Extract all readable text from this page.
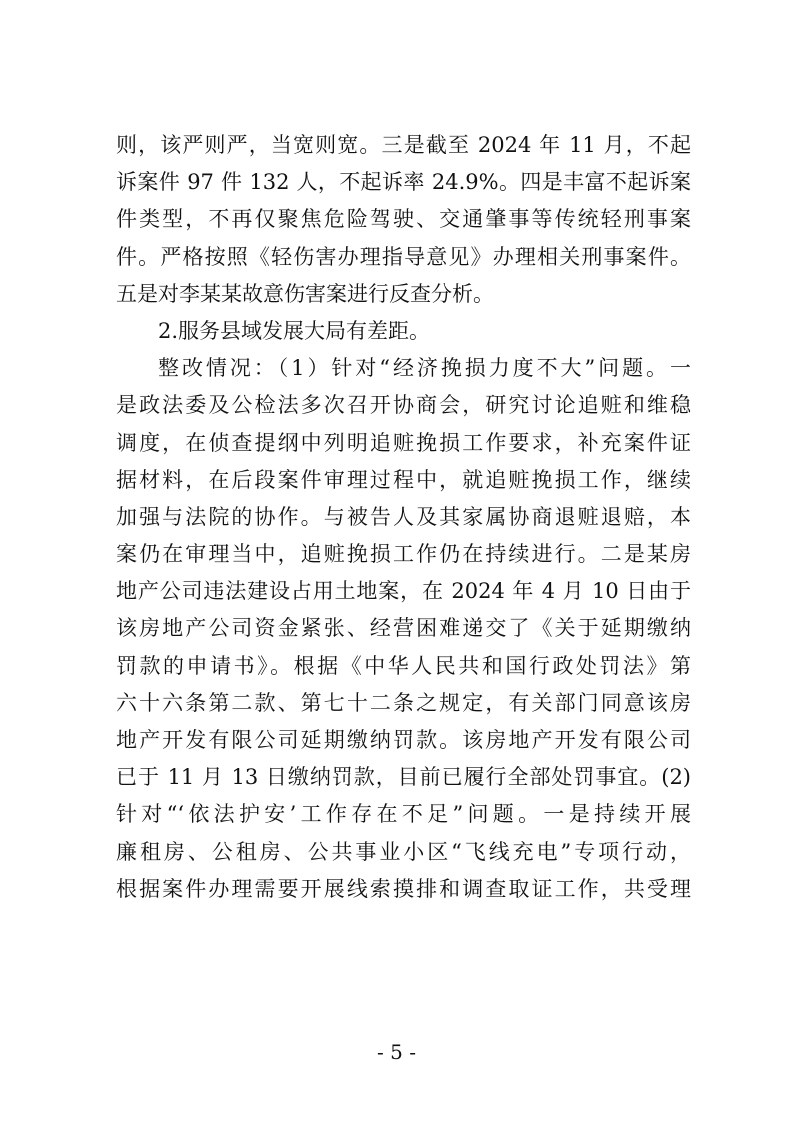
则，该严则严，当宽则宽。三是截至 2024 年 11 月，不起
诉案件 97 件 132 人，不起诉率 24.9%。四是丰富不起诉案
件类型，不再仅聚焦危险驾驶、交通肇事等传统轻刑事案
件。严格按照《轻伤害办理指导意见》办理相关刑事案件。
五是对李某某故意伤害案进行反查分析。
2.服务县域发展大局有差距。
整改情况：（1）针对“经济挽损力度不大”问题。一
是政法委及公检法多次召开协商会，研究讨论追赃和维稳
调度，在侦查提纲中列明追赃挽损工作要求，补充案件证
据材料，在后段案件审理过程中，就追赃挽损工作，继续
加强与法院的协作。与被告人及其家属协商退赃退赔，本
案仍在审理当中，追赃挽损工作仍在持续进行。二是某房
地产公司违法建设占用土地案，在 2024 年 4 月 10 日由于
该房地产公司资金紧张、经营困难递交了《关于延期缴纳
罚款的申请书》。根据《中华人民共和国行政处罚法》第
六十六条第二款、第七十二条之规定，有关部门同意该房
地产开发有限公司延期缴纳罚款。该房地产开发有限公司
已于 11 月 13 日缴纳罚款，目前已履行全部处罚事宜。(2)
针对“‘依法护安’工作存在不足”问题。一是持续开展
廉租房、公租房、公共事业小区“飞线充电”专项行动，
根据案件办理需要开展线索摸排和调查取证工作，共受理
- 5 -
